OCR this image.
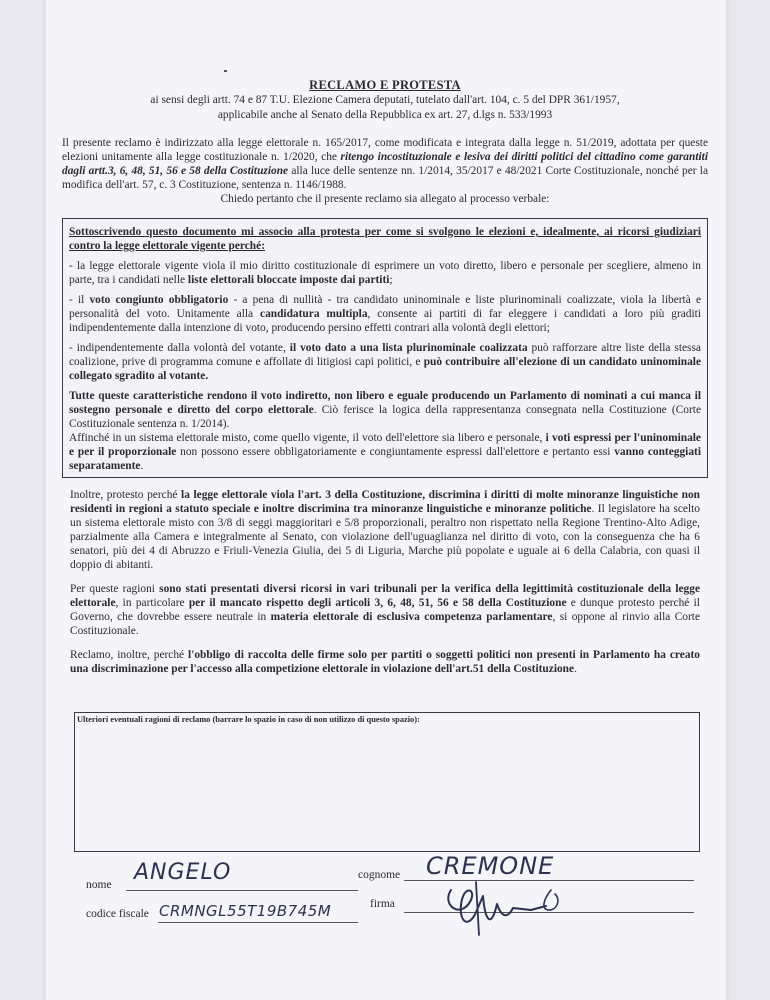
RECLAMO E PROTESTA

ai sensi degli artt. 74 e 87 T.U. Elezione Camera deputati, tutelato dall'art. 104, c. 5 del DPR 361/1957,

applicabile anche al Senato della Repubblica ex art. 27, d.lgs n. 533/1993

Il presente reclamo è indirizzato alla legge elettorale n. 165/2017, come modificata e integrata dalla legge n. 51/2019, adottata per queste elezioni unitamente alla legge costituzionale n. 1/2020, che ritengo incostituzionale e lesiva dei diritti politici del cittadino come garantiti dagli artt.3, 6, 48, 51, 56 e 58 della Costituzione alla luce delle sentenze nn. 1/2014, 35/2017 e 48/2021 Corte Costituzionale, nonché per la modifica dell'art. 57, c. 3 Costituzione, sentenza n. 1146/1988.

Chiedo pertanto che il presente reclamo sia allegato al processo verbale:

Sottoscrivendo questo documento mi associo alla protesta per come si svolgono le elezioni e, idealmente, ai ricorsi giudiziari contro la legge elettorale vigente perché:

- la legge elettorale vigente viola il mio diritto costituzionale di esprimere un voto diretto, libero e personale per scegliere, almeno in parte, tra i candidati nelle liste elettorali bloccate imposte dai partiti;

- il voto congiunto obbligatorio - a pena di nullità - tra candidato uninominale e liste plurinominali coalizzate, viola la libertà e personalità del voto. Unitamente alla candidatura multipla, consente ai partiti di far eleggere i candidati a loro più graditi indipendentemente dalla intenzione di voto, producendo persino effetti contrari alla volontà degli elettori;

- indipendentemente dalla volontà del votante, il voto dato a una lista plurinominale coalizzata può rafforzare altre liste della stessa coalizione, prive di programma comune e affollate di litigiosi capi politici, e può contribuire all'elezione di un candidato uninominale collegato sgradito al votante.

Tutte queste caratteristiche rendono il voto indiretto, non libero e eguale producendo un Parlamento di nominati a cui manca il sostegno personale e diretto del corpo elettorale. Ciò ferisce la logica della rappresentanza consegnata nella Costituzione (Corte Costituzionale sentenza n. 1/2014).

Affinché in un sistema elettorale misto, come quello vigente, il voto dell'elettore sia libero e personale, i voti espressi per l'uninominale e per il proporzionale non possono essere obbligatoriamente e congiuntamente espressi dall'elettore e pertanto essi vanno conteggiati separatamente.

Inoltre, protesto perché la legge elettorale viola l'art. 3 della Costituzione, discrimina i diritti di molte minoranze linguistiche non residenti in regioni a statuto speciale e inoltre discrimina tra minoranze linguistiche e minoranze politiche. Il legislatore ha scelto un sistema elettorale misto con 3/8 di seggi maggioritari e 5/8 proporzionali, peraltro non rispettato nella Regione Trentino-Alto Adige, parzialmente alla Camera e integralmente al Senato, con violazione dell'uguaglianza nel diritto di voto, con la conseguenza che ha 6 senatori, più dei 4 di Abruzzo e Friuli-Venezia Giulia, dei 5 di Liguria, Marche più popolate e uguale ai 6 della Calabria, con quasi il doppio di abitanti.

Per queste ragioni sono stati presentati diversi ricorsi in vari tribunali per la verifica della legittimità costituzionale della legge elettorale, in particolare per il mancato rispetto degli articoli 3, 6, 48, 51, 56 e 58 della Costituzione e dunque protesto perché il Governo, che dovrebbe essere neutrale in materia elettorale di esclusiva competenza parlamentare, si oppone al rinvio alla Corte Costituzionale.

Reclamo, inoltre, perché l'obbligo di raccolta delle firme solo per partiti o soggetti politici non presenti in Parlamento ha creato una discriminazione per l'accesso alla competizione elettorale in violazione dell'art.51 della Costituzione.

Ulteriori eventuali ragioni di reclamo (barrare lo spazio in caso di non utilizzo di questo spazio):
nome ANGELO	cognome CREMONE
codice fiscale CRMNGL55T19B745M	firma
